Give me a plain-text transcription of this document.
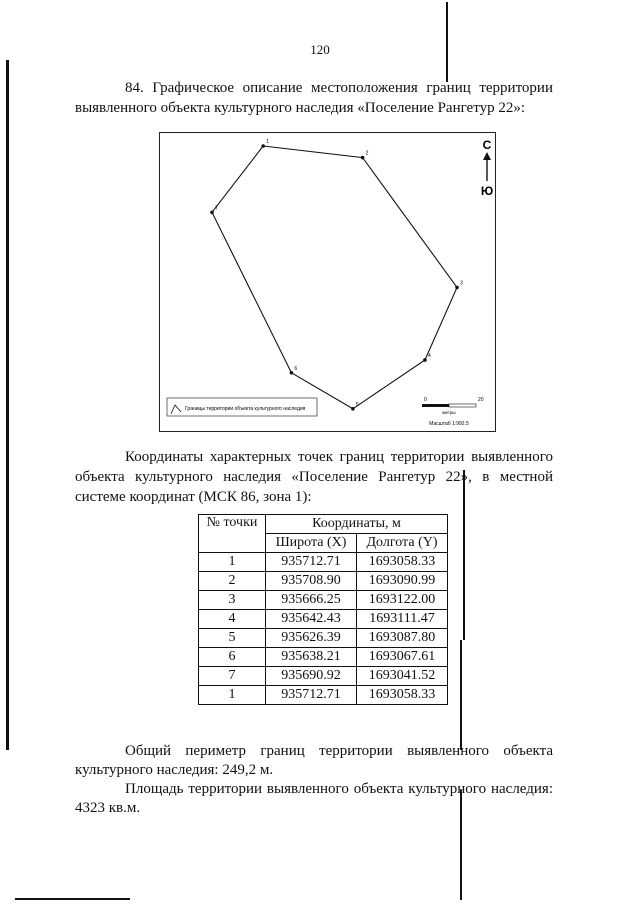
120
84. Графическое описание местоположения границ территории
выявленного объекта культурного наследия «Поселение Рангетур 22»:
1
2
3
4
5
6
7
С
Ю
Границы территории объекта культурного наследия
0	20
метры
Масштаб 1:992.5
Координаты характерных точек границ территории выявленного
объекта культурного наследия «Поселение Рангетур 22», в местной
системе координат (МСК 86, зона 1):
№ точки	Координаты, м	
	Широта (X)	Долгота (Y)
1	935712.71	1693058.33
2	935708.90	1693090.99
3	935666.25	1693122.00
4	935642.43	1693111.47
5	935626.39	1693087.80
6	935638.21	1693067.61
7	935690.92	1693041.52
1	935712.71	1693058.33
Общий периметр границ территории выявленного объекта
культурного наследия: 249,2 м.
Площадь территории выявленного объекта культурного наследия:
4323 кв.м.
